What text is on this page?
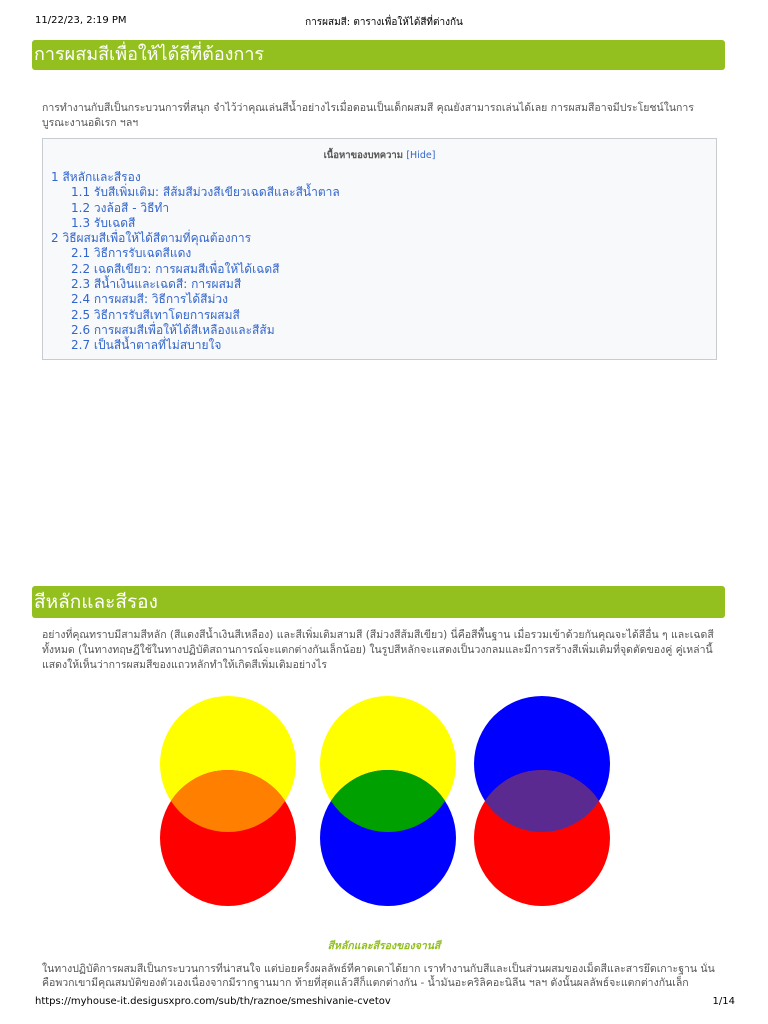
11/22/23, 2:19 PM	การผสมสี: ตารางเพื่อให้ได้สีที่ต่างกัน
การผสมสีเพื่อให้ได้สีที่ต้องการ
การทำงานกับสีเป็นกระบวนการที่สนุก จำไว้ว่าคุณเล่นสีน้ำอย่างไรเมื่อตอนเป็นเด็กผสมสี คุณยังสามารถเล่นได้เลย การผสมสีอาจมีประโยชน์ในการบูรณะงานอดิเรก ฯลฯ
เนื้อหาของบทความ [Hide]
1 สีหลักและสีรอง
1.1 รับสีเพิ่มเติม: สีส้มสีม่วงสีเขียวเฉดสีและสีน้ำตาล
1.2 วงล้อสี - วิธีทำ
1.3 รับเฉดสี
2 วิธีผสมสีเพื่อให้ได้สีตามที่คุณต้องการ
2.1 วิธีการรับเฉดสีแดง
2.2 เฉดสีเขียว: การผสมสีเพื่อให้ได้เฉดสี
2.3 สีน้ำเงินและเฉดสี: การผสมสี
2.4 การผสมสี: วิธีการได้สีม่วง
2.5 วิธีการรับสีเทาโดยการผสมสี
2.6 การผสมสีเพื่อให้ได้สีเหลืองและสีส้ม
2.7 เป็นสีน้ำตาลที่ไม่สบายใจ
สีหลักและสีรอง
อย่างที่คุณทราบมีสามสีหลัก (สีแดงสีน้ำเงินสีเหลือง) และสีเพิ่มเติมสามสี (สีม่วงสีส้มสีเขียว) นี่คือสีพื้นฐาน เมื่อรวมเข้าด้วยกันคุณจะได้สีอื่น ๆ และเฉดสีทั้งหมด (ในทางทฤษฎีใช้ในทางปฏิบัติสถานการณ์จะแตกต่างกันเล็กน้อย) ในรูปสีหลักจะแสดงเป็นวงกลมและมีการสร้างสีเพิ่มเติมที่จุดตัดของคู่ คู่เหล่านี้แสดงให้เห็นว่าการผสมสีของแถวหลักทำให้เกิดสีเพิ่มเติมอย่างไร
สีหลักและสีรองของจานสี
ในทางปฏิบัติการผสมสีเป็นกระบวนการที่น่าสนใจ แต่บ่อยครั้งผลลัพธ์ที่คาดเดาได้ยาก เราทำงานกับสีและเป็นส่วนผสมของเม็ดสีและสารยึดเกาะฐาน นั่นคือพวกเขามีคุณสมบัติของตัวเองเนื่องจากมีรากฐานมาก ท้ายที่สุดแล้วสีก็แตกต่างกัน - น้ำมันอะคริลิคอะนิลีน ฯลฯ ดังนั้นผลลัพธ์จะแตกต่างกันเล็ก
https://myhouse-it.desigusxpro.com/sub/th/raznoe/smeshivanie-cvetov	1/14
